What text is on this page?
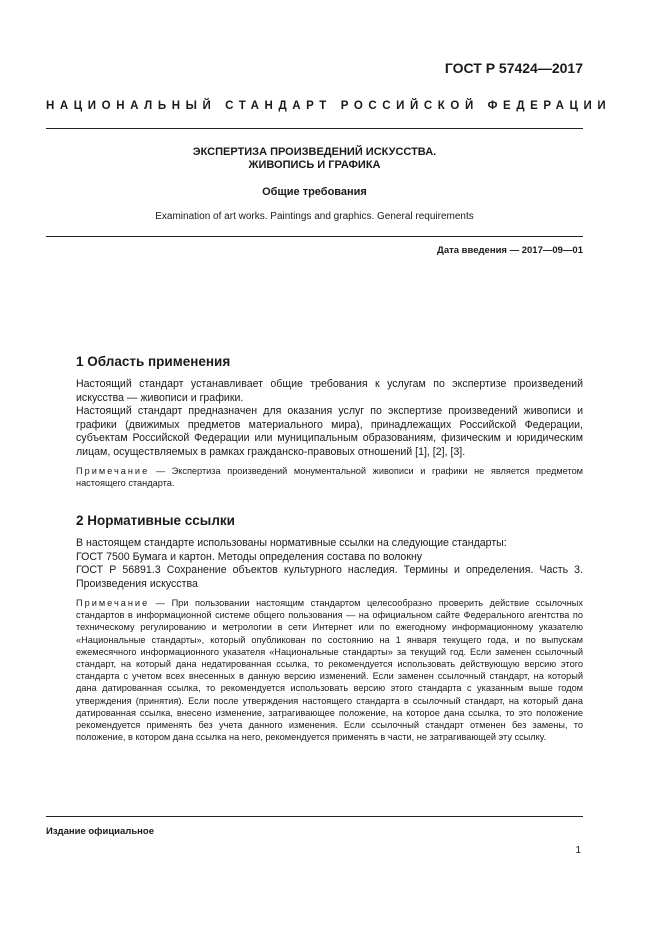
ГОСТ Р 57424—2017
НАЦИОНАЛЬНЫЙ СТАНДАРТ РОССИЙСКОЙ ФЕДЕРАЦИИ
ЭКСПЕРТИЗА ПРОИЗВЕДЕНИЙ ИСКУССТВА.
ЖИВОПИСЬ И ГРАФИКА
Общие требования
Examination of art works. Paintings and graphics. General requirements
Дата введения — 2017—09—01
1 Область применения

Настоящий стандарт устанавливает общие требования к услугам по экспертизе произведений искусства — живописи и графики.

Настоящий стандарт предназначен для оказания услуг по экспертизе произведений живописи и графики (движимых предметов материального мира), принадлежащих Российской Федерации, субъектам Российской Федерации или муниципальным образованиям, физическим и юридическим лицам, осуществляемых в рамках гражданско-правовых отношений [1], [2], [3].

Примечание — Экспертиза произведений монументальной живописи и графики не является предметом настоящего стандарта.

2 Нормативные ссылки

В настоящем стандарте использованы нормативные ссылки на следующие стандарты:

ГОСТ 7500 Бумага и картон. Методы определения состава по волокну

ГОСТ Р 56891.3 Сохранение объектов культурного наследия. Термины и определения. Часть 3. Произведения искусства

Примечание — При пользовании настоящим стандартом целесообразно проверить действие ссылочных стандартов в информационной системе общего пользования — на официальном сайте Федерального агентства по техническому регулированию и метрологии в сети Интернет или по ежегодному информационному указателю «Национальные стандарты», который опубликован по состоянию на 1 января текущего года, и по выпускам ежемесячного информационного указателя «Национальные стандарты» за текущий год. Если заменен ссылочный стандарт, на который дана недатированная ссылка, то рекомендуется использовать действующую версию этого стандарта с учетом всех внесенных в данную версию изменений. Если заменен ссылочный стандарт, на который дана датированная ссылка, то рекомендуется использовать версию этого стандарта с указанным выше годом утверждения (принятия). Если после утверждения настоящего стандарта в ссылочный стандарт, на который дана датированная ссылка, внесено изменение, затрагивающее положение, на которое дана ссылка, то это положение рекомендуется применять без учета данного изменения. Если ссылочный стандарт отменен без замены, то положение, в котором дана ссылка на него, рекомендуется применять в части, не затрагивающей эту ссылку.

Издание официальное
1
